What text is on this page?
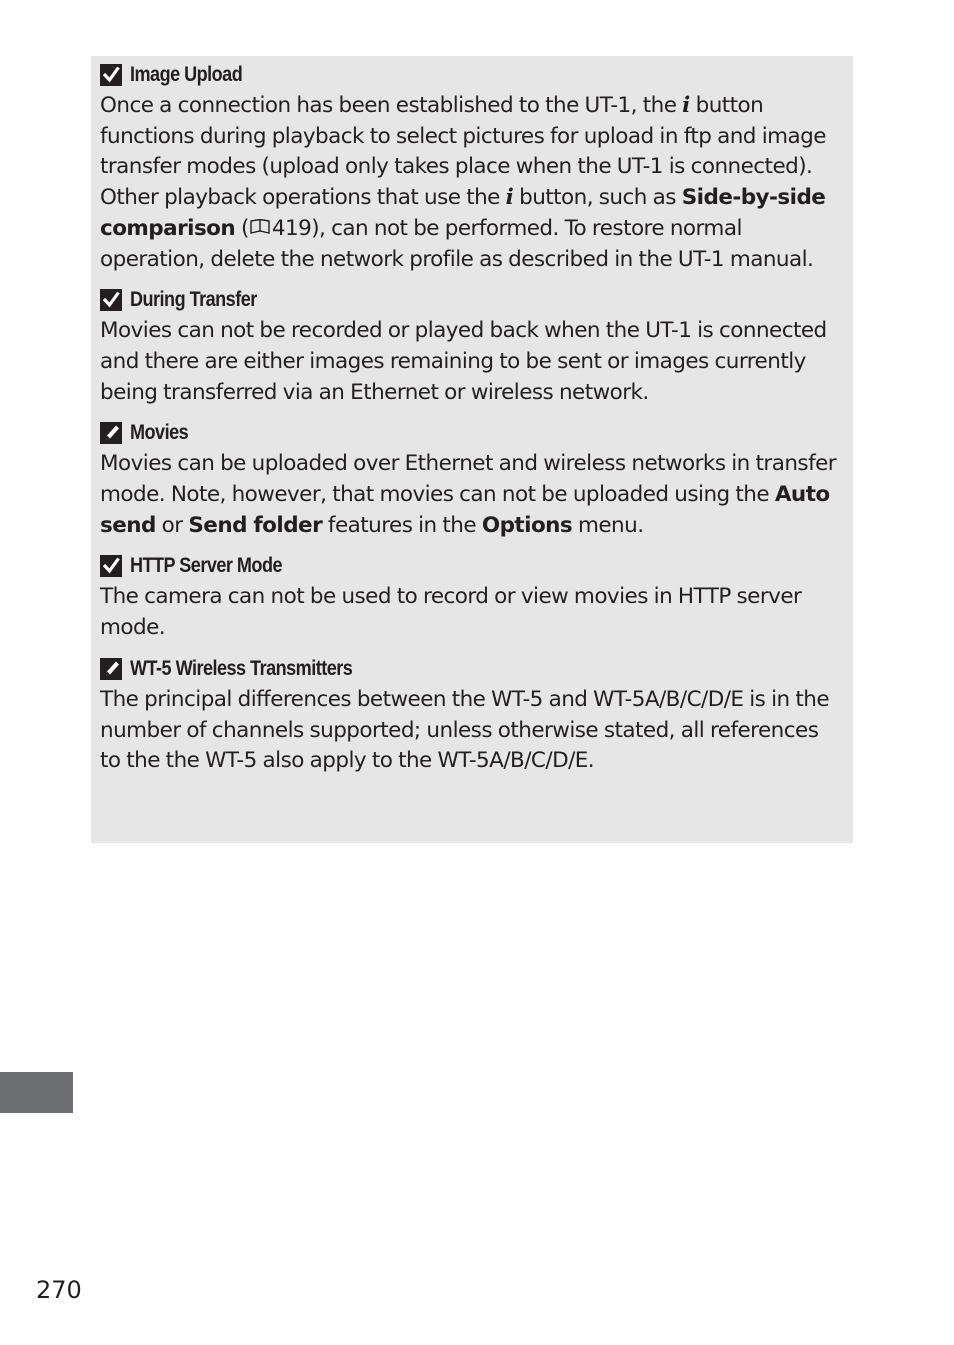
Image Upload
Once a connection has been established to the UT-1, the i button functions during playback to select pictures for upload in ftp and image transfer modes (upload only takes place when the UT-1 is connected). Other playback operations that use the i button, such as Side-by-side comparison ( 419), can not be performed. To restore normal operation, delete the network profile as described in the UT-1 manual.
During Transfer
Movies can not be recorded or played back when the UT-1 is connected and there are either images remaining to be sent or images currently being transferred via an Ethernet or wireless network.
Movies
Movies can be uploaded over Ethernet and wireless networks in transfer mode. Note, however, that movies can not be uploaded using the Auto send or Send folder features in the Options menu.
HTTP Server Mode
The camera can not be used to record or view movies in HTTP server mode.
WT-5 Wireless Transmitters
The principal differences between the WT-5 and WT-5A/B/C/D/E is in the number of channels supported; unless otherwise stated, all references to the the WT-5 also apply to the WT-5A/B/C/D/E.
270
